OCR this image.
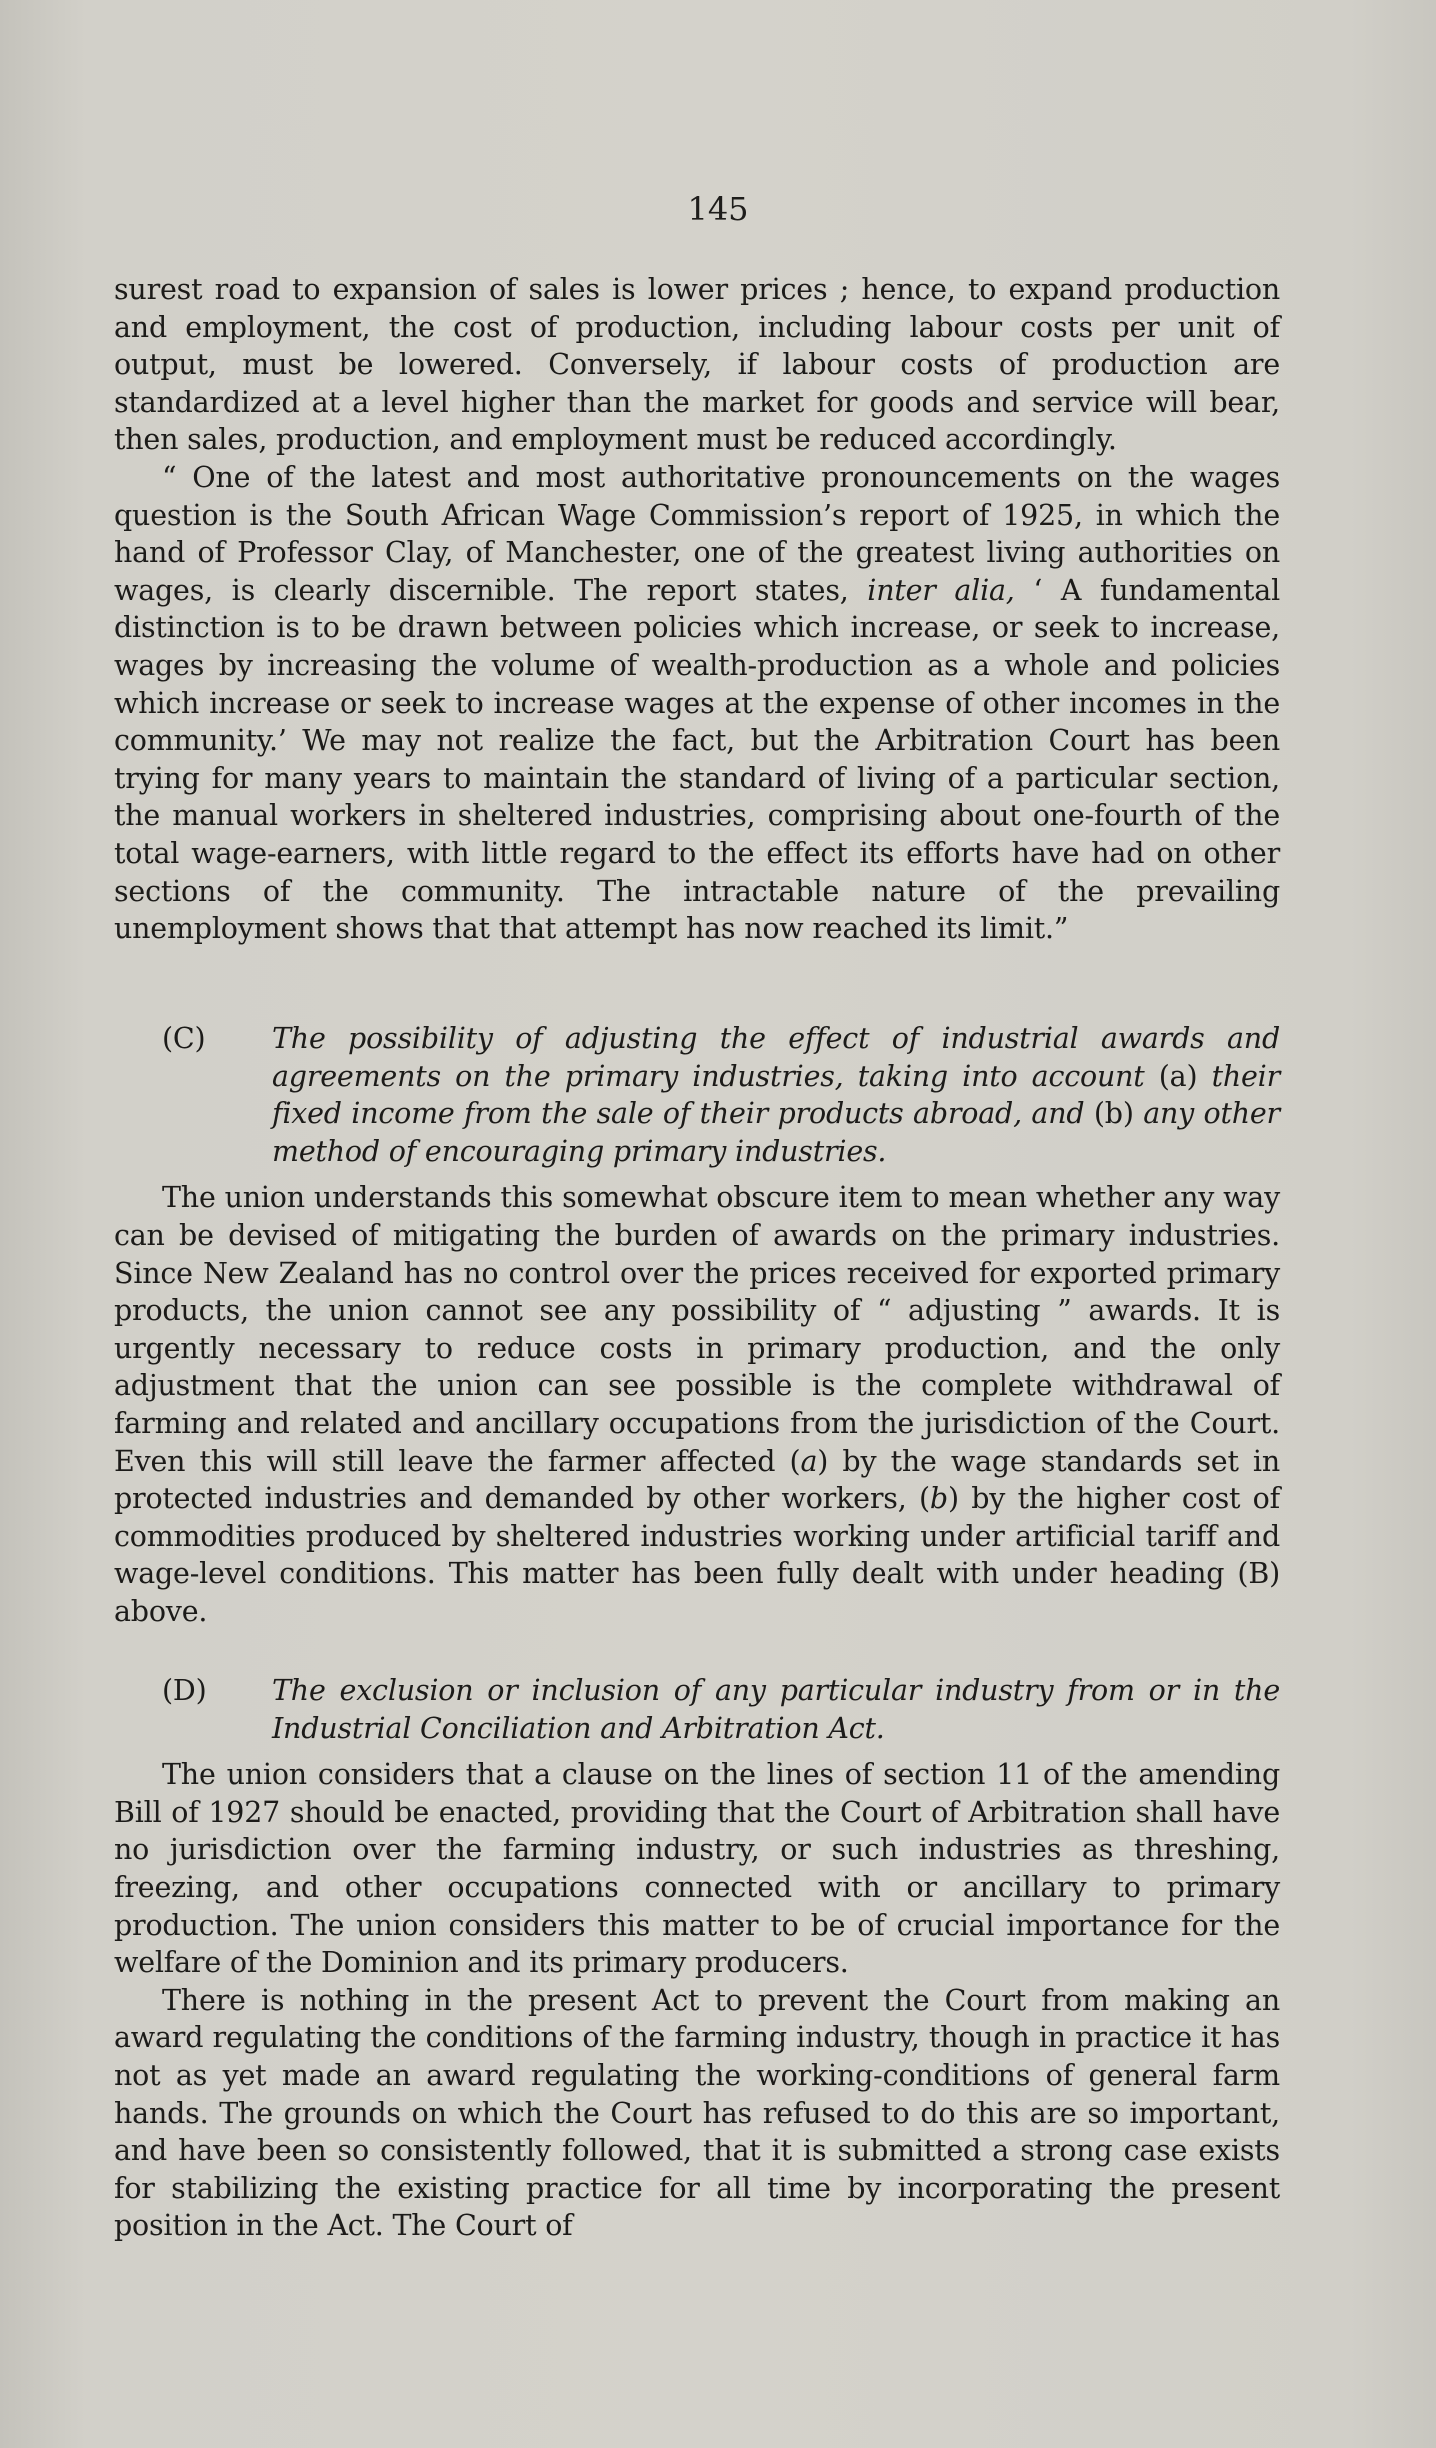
145

surest road to expansion of sales is lower prices ; hence, to expand production and employment, the cost of production, including labour costs per unit of output, must be lowered. Conversely, if labour costs of production are standardized at a level higher than the market for goods and service will bear, then sales, production, and employment must be reduced accordingly.

“ One of the latest and most authoritative pronouncements on the wages question is the South African Wage Commission’s report of 1925, in which the hand of Professor Clay, of Manchester, one of the greatest living authorities on wages, is clearly discernible. The report states, inter alia, ‘ A fundamental distinction is to be drawn between policies which increase, or seek to increase, wages by increasing the volume of wealth-production as a whole and policies which increase or seek to increase wages at the expense of other incomes in the community.’ We may not realize the fact, but the Arbitration Court has been trying for many years to maintain the standard of living of a particular section, the manual workers in sheltered industries, comprising about one-fourth of the total wage-earners, with little regard to the effect its efforts have had on other sections of the community. The intractable nature of the prevailing unemployment shows that that attempt has now reached its limit.”

(C) The possibility of adjusting the effect of industrial awards and agreements on the primary industries, taking into account (a) their fixed income from the sale of their products abroad, and (b) any other method of encouraging primary industries.

The union understands this somewhat obscure item to mean whether any way can be devised of mitigating the burden of awards on the primary industries. Since New Zealand has no control over the prices received for exported primary products, the union cannot see any possibility of “ adjusting ” awards. It is urgently necessary to reduce costs in primary production, and the only adjustment that the union can see possible is the complete withdrawal of farming and related and ancillary occupations from the jurisdiction of the Court. Even this will still leave the farmer affected (a) by the wage standards set in protected industries and demanded by other workers, (b) by the higher cost of commodities produced by sheltered industries working under artificial tariff and wage-level conditions. This matter has been fully dealt with under heading (B) above.

(D) The exclusion or inclusion of any particular industry from or in the Industrial Conciliation and Arbitration Act.

The union considers that a clause on the lines of section 11 of the amending Bill of 1927 should be enacted, providing that the Court of Arbitration shall have no jurisdiction over the farming industry, or such industries as threshing, freezing, and other occupations connected with or ancillary to primary production. The union considers this matter to be of crucial importance for the welfare of the Dominion and its primary producers.

There is nothing in the present Act to prevent the Court from making an award regulating the conditions of the farming industry, though in practice it has not as yet made an award regulating the working-conditions of general farm hands. The grounds on which the Court has refused to do this are so important, and have been so consistently followed, that it is submitted a strong case exists for stabilizing the existing practice for all time by incorporating the present position in the Act. The Court of
